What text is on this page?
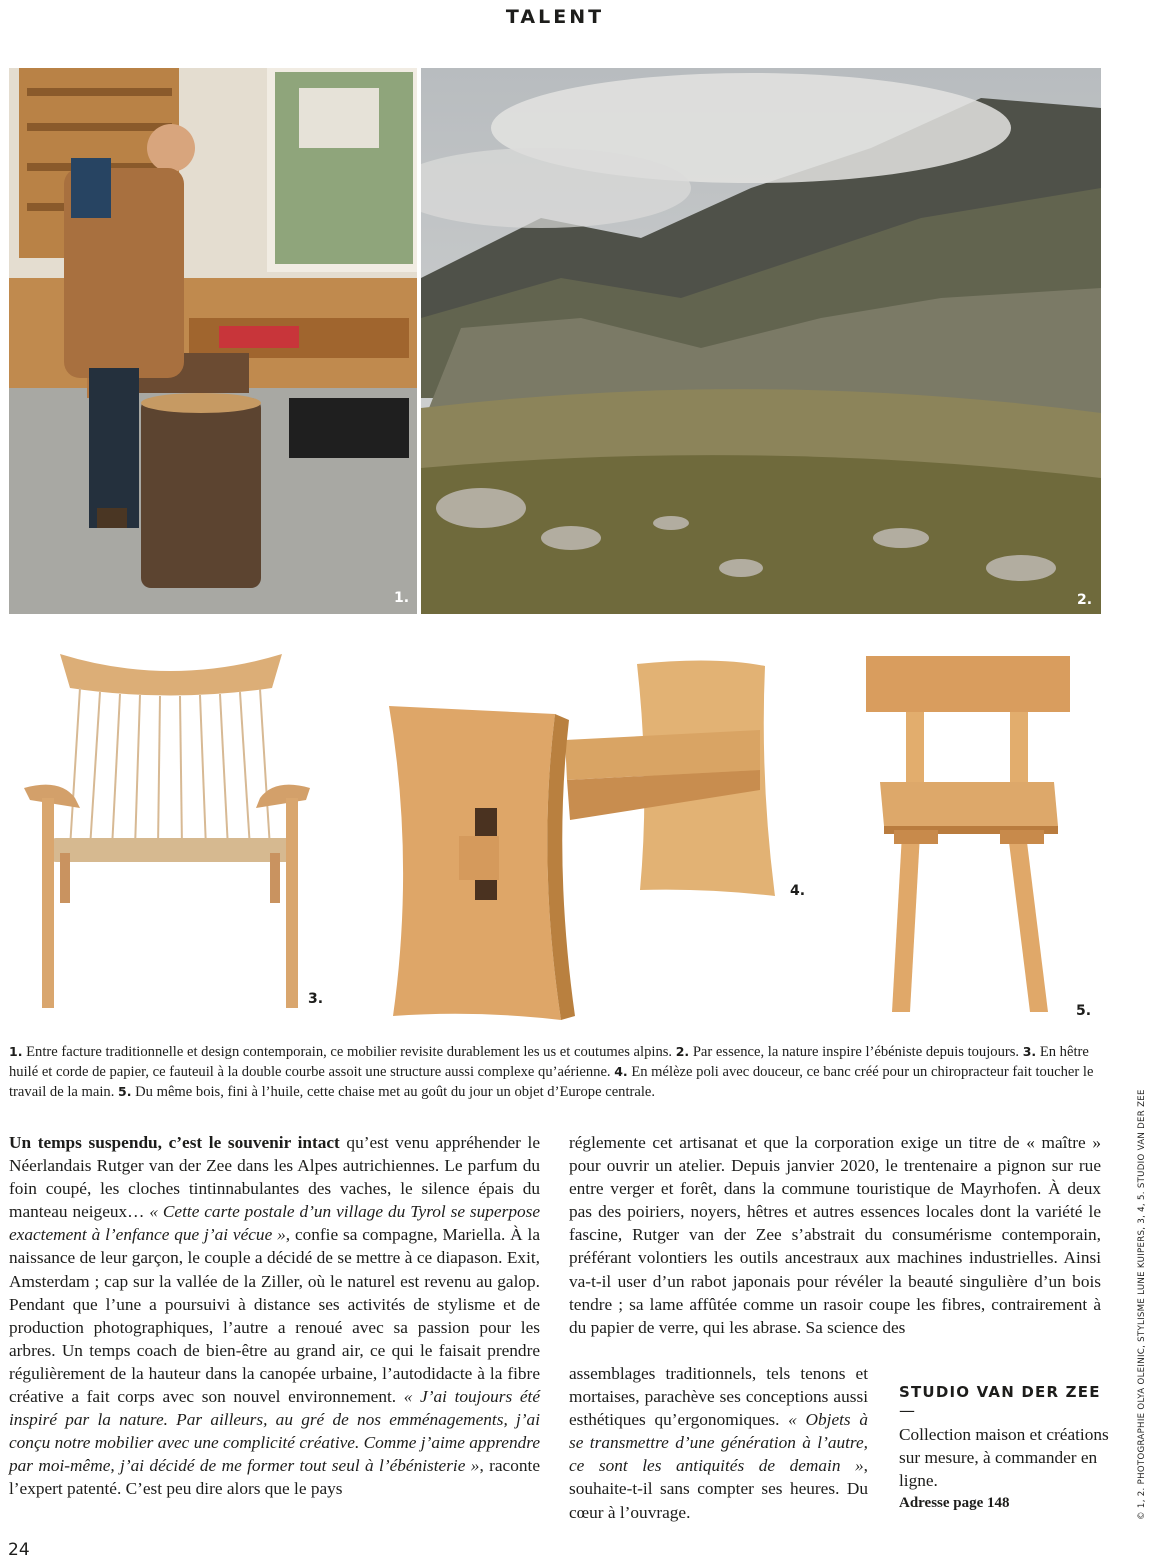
TALENT
1.	2.
3.
4.
5.

1. Entre facture traditionnelle et design contemporain, ce mobilier revisite durablement les us et coutumes alpins. 2. Par essence, la nature inspire l’ébéniste depuis toujours. 3. En hêtre huilé et corde de papier, ce fauteuil à la double courbe assoit une structure aussi complexe qu’aérienne. 4. En mélèze poli avec douceur, ce banc créé pour un chiropracteur fait toucher le travail de la main. 5. Du même bois, fini à l’huile, cette chaise met au goût du jour un objet d’Europe centrale.

Un temps suspendu, c’est le souvenir intact qu’est venu appréhender le Néerlandais Rutger van der Zee dans les Alpes autrichiennes. Le parfum du foin coupé, les cloches tintinnabulantes des vaches, le silence épais du manteau neigeux… « Cette carte postale d’un village du Tyrol se superpose exactement à l’enfance que j’ai vécue », confie sa compagne, Mariella. À la naissance de leur garçon, le couple a décidé de se mettre à ce diapason. Exit, Amsterdam ; cap sur la vallée de la Ziller, où le naturel est revenu au galop. Pendant que l’une a poursuivi à distance ses activités de stylisme et de production photographiques, l’autre a renoué avec sa passion pour les arbres. Un temps coach de bien-être au grand air, ce qui le faisait prendre régulièrement de la hauteur dans la canopée urbaine, l’autodidacte à la fibre créative a fait corps avec son nouvel environnement. « J’ai toujours été inspiré par la nature. Par ailleurs, au gré de nos emménagements, j’ai conçu notre mobilier avec une complicité créative. Comme j’aime apprendre par moi-même, j’ai décidé de me former tout seul à l’ébénisterie », raconte l’expert patenté. C’est peu dire alors que le pays

réglemente cet artisanat et que la corporation exige un titre de « maître » pour ouvrir un atelier. Depuis janvier 2020, le trentenaire a pignon sur rue entre verger et forêt, dans la commune touristique de Mayrhofen. À deux pas des poiriers, noyers, hêtres et autres essences locales dont la variété le fascine, Rutger van der Zee s’abstrait du consumérisme contemporain, préférant volontiers les outils ancestraux aux machines industrielles. Ainsi va-t-il user d’un rabot japonais pour révéler la beauté singulière d’un bois tendre ; sa lame affûtée comme un rasoir coupe les fibres, contrairement à du papier de verre, qui les abrase. Sa science des

assemblages traditionnels, tels tenons et mortaises, parachève ses conceptions aussi esthétiques qu’ergonomiques. « Objets à se transmettre d’une génération à l’autre, ce sont les antiquités de demain », souhaite-t-il sans compter ses heures. Du cœur à l’ouvrage.

STUDIO VAN DER ZEE

—

Collection maison et créations sur mesure, à commander en ligne.

Adresse page 148

24
© 1, 2. PHOTOGRAPHIE OLYA OLEINIC, STYLISME LUNE KUIPERS, 3, 4, 5. STUDIO VAN DER ZEE
